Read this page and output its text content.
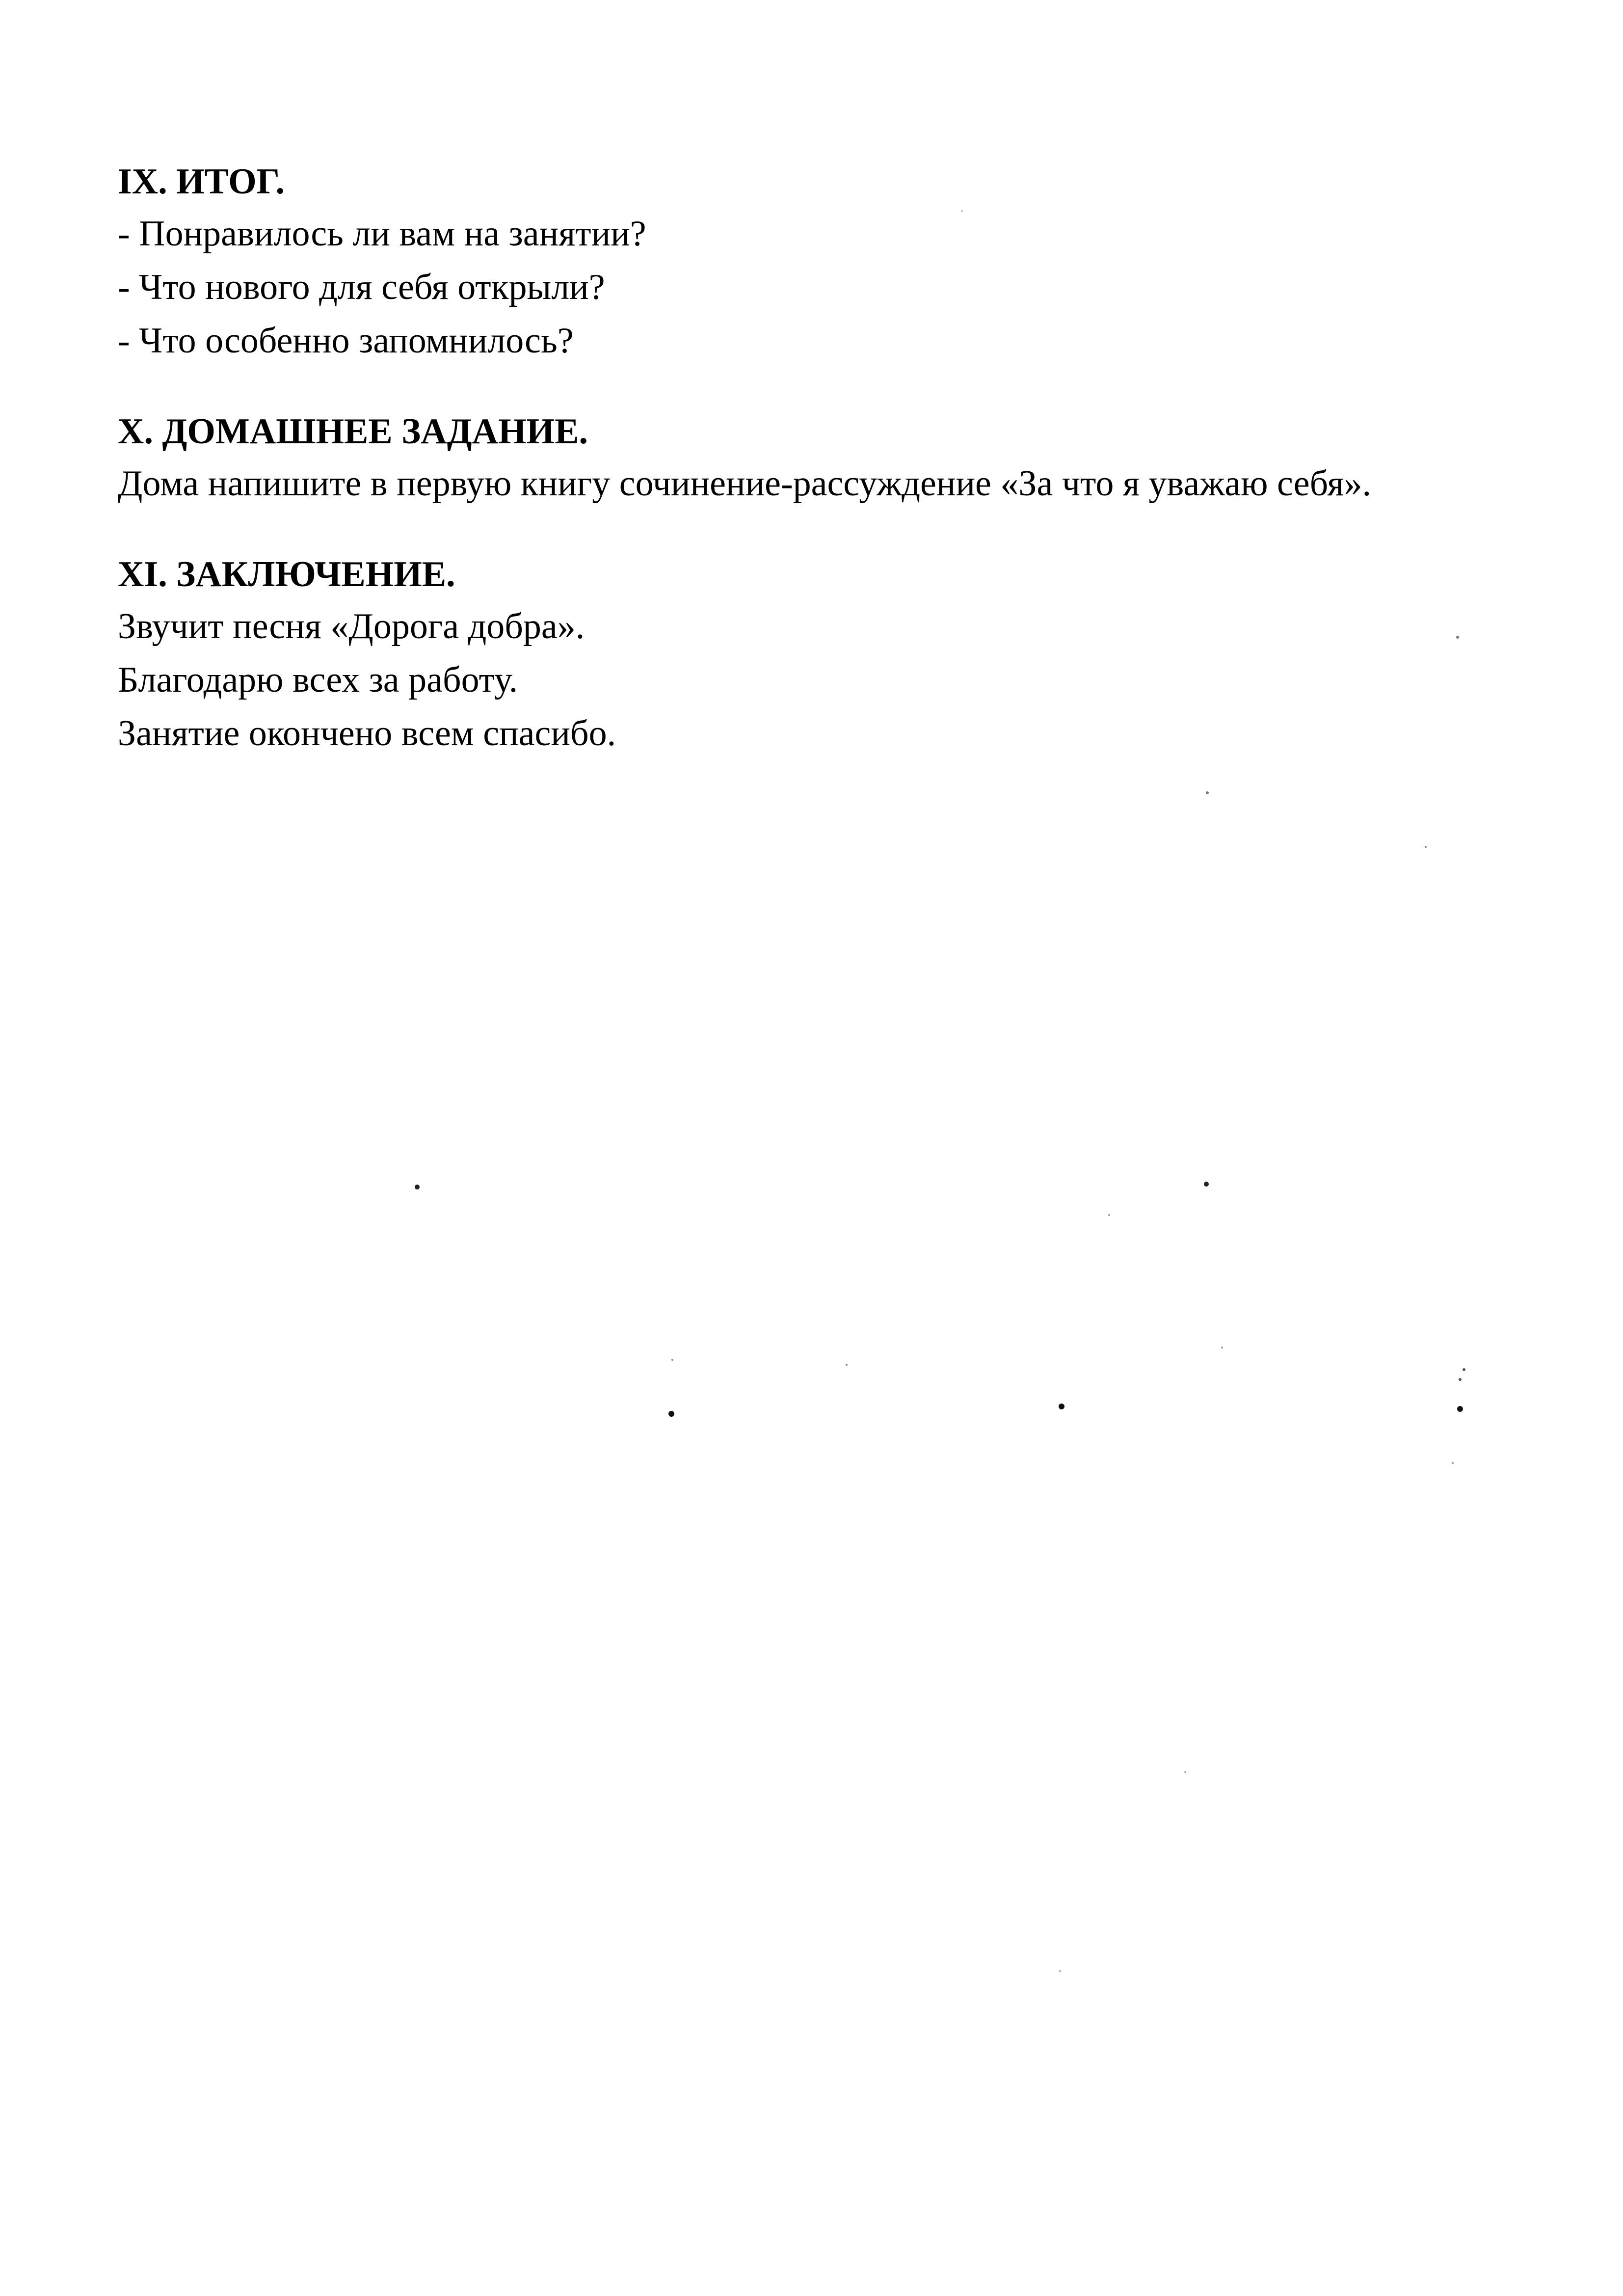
IX. ИТОГ.

- Понравилось ли вам на занятии?

- Что нового для себя открыли?

- Что особенно запомнилось?

X. ДОМАШНЕЕ ЗАДАНИЕ.

Дома напишите в первую книгу сочинение-рассуждение «За что я уважаю себя».

XI. ЗАКЛЮЧЕНИЕ.

Звучит песня «Дорога добра».

Благодарю всех за работу.

Занятие окончено всем спасибо.
